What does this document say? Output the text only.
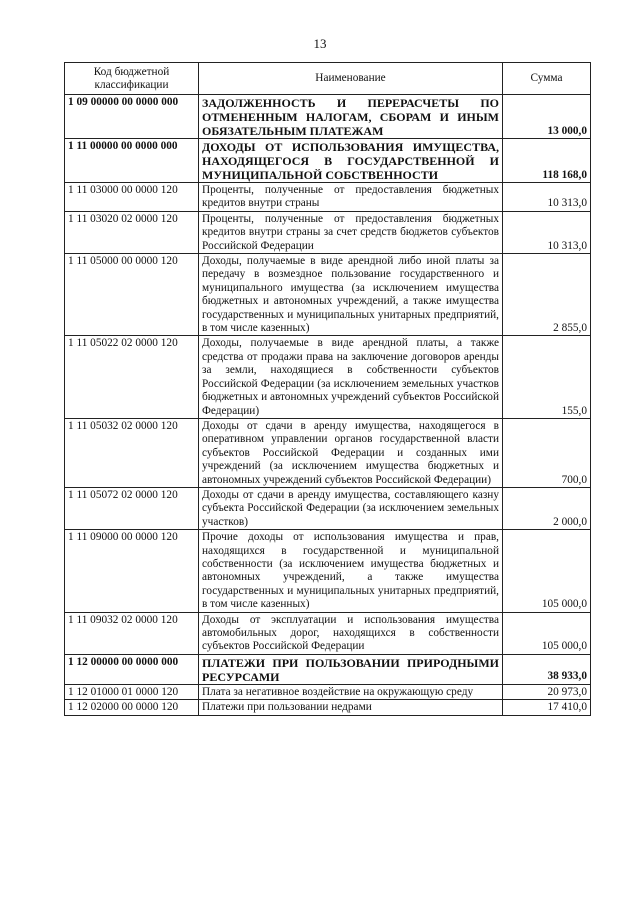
13
Код бюджетной классификации	Наименование	Сумма
1 09 00000 00 0000 000	ЗАДОЛЖЕННОСТЬ И ПЕРЕРАСЧЕТЫ ПО ОТМЕНЕННЫМ НАЛОГАМ, СБОРАМ И ИНЫМ ОБЯЗАТЕЛЬНЫМ ПЛАТЕЖАМ	13 000,0
1 11 00000 00 0000 000	ДОХОДЫ ОТ ИСПОЛЬЗОВАНИЯ ИМУЩЕСТВА, НАХОДЯЩЕГОСЯ В ГОСУДАРСТВЕННОЙ И МУНИЦИПАЛЬНОЙ СОБСТВЕННОСТИ	118 168,0
1 11 03000 00 0000 120	Проценты, полученные от предоставления бюджетных кредитов внутри страны	10 313,0
1 11 03020 02 0000 120	Проценты, полученные от предоставления бюджетных кредитов внутри страны за счет средств бюджетов субъектов Российской Федерации	10 313,0
1 11 05000 00 0000 120	Доходы, получаемые в виде арендной либо иной платы за передачу в возмездное пользование государственного и муниципального имущества (за исключением имущества бюджетных и автономных учреждений, а также имущества государственных и муниципальных унитарных предприятий, в том числе казенных)	2 855,0
1 11 05022 02 0000 120	Доходы, получаемые в виде арендной платы, а также средства от продажи права на заключение договоров аренды за земли, находящиеся в собственности субъектов Российской Федерации (за исключением земельных участков бюджетных и автономных учреждений субъектов Российской Федерации)	155,0
1 11 05032 02 0000 120	Доходы от сдачи в аренду имущества, находящегося в оперативном управлении органов государственной власти субъектов Российской Федерации и созданных ими учреждений (за исключением имущества бюджетных и автономных учреждений субъектов Российской Федерации)	700,0
1 11 05072 02 0000 120	Доходы от сдачи в аренду имущества, составляющего казну субъекта Российской Федерации (за исключением земельных участков)	2 000,0
1 11 09000 00 0000 120	Прочие доходы от использования имущества и прав, находящихся в государственной и муниципальной собственности (за исключением имущества бюджетных и автономных учреждений, а также имущества государственных и муниципальных унитарных предприятий, в том числе казенных)	105 000,0
1 11 09032 02 0000 120	Доходы от эксплуатации и использования имущества автомобильных дорог, находящихся в собственности субъектов Российской Федерации	105 000,0
1 12 00000 00 0000 000	ПЛАТЕЖИ ПРИ ПОЛЬЗОВАНИИ ПРИРОДНЫМИ РЕСУРСАМИ	38 933,0
1 12 01000 01 0000 120	Плата за негативное воздействие на окружающую среду	20 973,0
1 12 02000 00 0000 120	Платежи при пользовании недрами	17 410,0
